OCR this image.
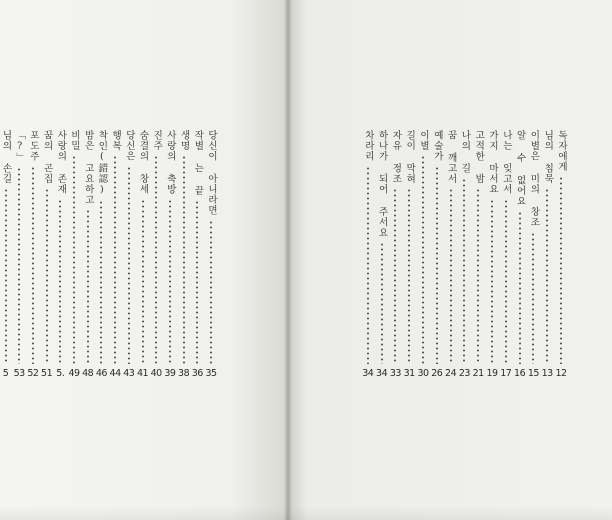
당신이 아니라면
35
작별 는 끝
36
생명
38
사랑의 축방
39
진주
40
숨결의 창세
41
당신은
43
행복
44
착인(錯認)
46
밤은 고요하고
48
비밀
49
사랑의 존재
5.
꿈의 곤집
51
포도주
52
「?」
53
님의 손길
5
독자에게
12
님의 침묵
13
이별은 미의 창조
15
알 수 없어요
16
나는 잊고서
17
가지 마서요
19
고적한 밤
21
나의 길
23
꿈 깨고서
24
예술가
26
이별
30
길이 막혀
31
자유 정조
33
하나가 되어 주서요
34
차라리
34
